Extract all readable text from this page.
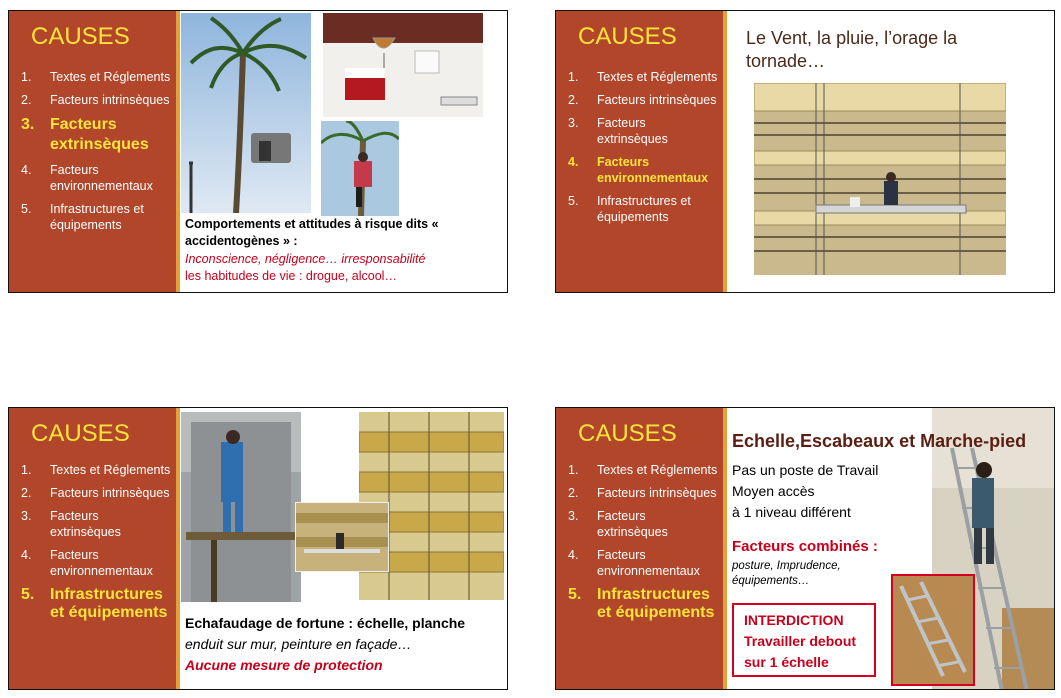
CAUSES
1. Textes et Réglements
2. Facteurs intrinsèques
3. Facteurs extrinsèques
4. Facteurs environnementaux
5. Infrastructures et équipements	Comportements et attitudes à risque dits « accidentogènes » :
Inconscience, négligence… irresponsabilité
les habitudes de vie : drogue, alcool…
CAUSES
1. Textes et Réglements
2. Facteurs intrinsèques
3. Facteurs extrinsèques
4. Facteurs environnementaux
5. Infrastructures et équipements
Le Vent, la pluie, l’orage la tornade…
CAUSES
1. Textes et Réglements
2. Facteurs intrinsèques
3. Facteurs extrinsèques
4. Facteurs environnementaux
5. Infrastructures et équipements
Echafaudage de fortune : échelle, planche
enduit sur mur, peinture en façade…
Aucune mesure de protection
CAUSES
1. Textes et Réglements
2. Facteurs intrinsèques
3. Facteurs extrinsèques
4. Facteurs environnementaux
5. Infrastructures et équipements
Echelle,Escabeaux et Marche-pied
Pas un poste de Travail
Moyen accès
à 1 niveau différent
Facteurs combinés :
posture, Imprudence, équipements…
INTERDICTION
Travailler debout
sur 1 échelle
